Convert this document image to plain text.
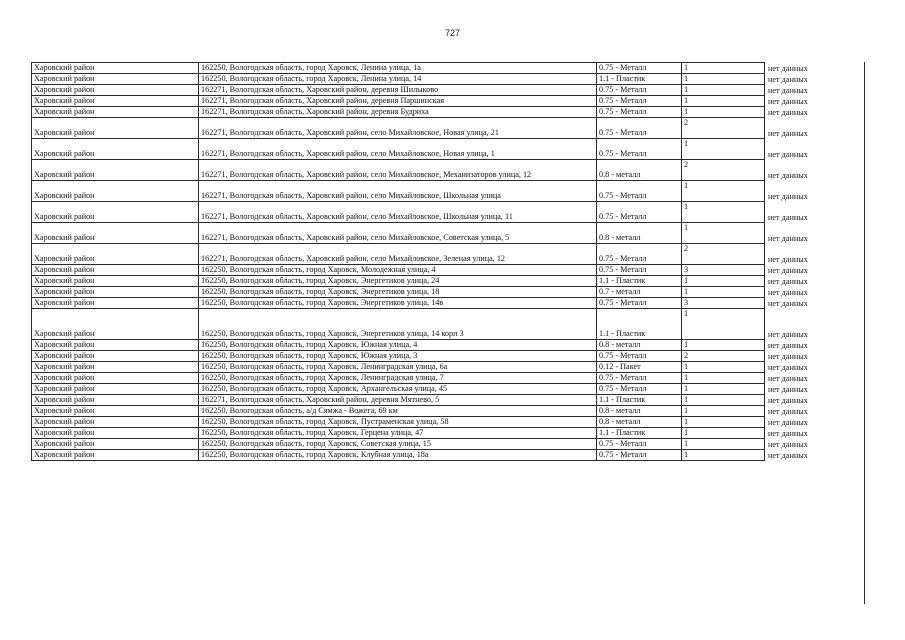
727
Харовский район	162250, Вологодская область, город Харовск, Ленина улица, 1а	0.75 - Металл	1	нет данных
Харовский район	162250, Вологодская область, город Харовск, Ленина улица, 14	1.1 - Пластик	1	нет данных
Харовский район	162271, Вологодская область, Харовский район, деревня Шилыково	0.75 - Металл	1	нет данных
Харовский район	162271, Вологодская область, Харовский район, деревня Паршинская	0.75 - Металл	1	нет данных
Харовский район	162271, Вологодская область, Харовский район, деревня Будриха	0.75 - Металл	1	нет данных
Харовский район	162271, Вологодская область, Харовский район, село Михайловское, Новая улица, 21	0.75 - Металл	2	нет данных
Харовский район	162271, Вологодская область, Харовский район, село Михайловское, Новая улица, 1	0.75 - Металл	1	нет данных
Харовский район	162271, Вологодская область, Харовский район, село Михайловское, Механизаторов улица, 12	0.8 - металл	2	нет данных
Харовский район	162271, Вологодская область, Харовский район, село Михайловское, Школьная улица	0.75 - Металл	1	нет данных
Харовский район	162271, Вологодская область, Харовский район, село Михайловское, Школьная улица, 11	0.75 - Металл	1	нет данных
Харовский район	162271, Вологодская область, Харовский район, село Михайловское, Советская улица, 5	0.8 - металл	1	нет данных
Харовский район	162271, Вологодская область, Харовский район, село Михайловское, Зеленая улица, 12	0.75 - Металл	2	нет данных
Харовский район	162250, Вологодская область, город Харовск, Молодежная улица, 4	0.75 - Металл	3	нет данных
Харовский район	162250, Вологодская область, город Харовск, Энергетиков улица, 24	1.1 - Пластик	1	нет данных
Харовский район	162250, Вологодская область, город Харовск, Энергетиков улица, 18	0.7 - металл	1	нет данных
Харовский район	162250, Вологодская область, город Харовск, Энергетиков улица, 14в	0.75 - Металл	3	нет данных
Харовский район	162250, Вологодская область, город Харовск, Энергетиков улица, 14 корп 3	1.1 - Пластик	1	нет данных
Харовский район	162250, Вологодская область, город Харовск, Южная улица, 4	0.8 - металл	1	нет данных
Харовский район	162250, Вологодская область, город Харовск, Южная улица, 3	0.75 - Металл	2	нет данных
Харовский район	162250, Вологодская область, город Харовск, Ленинградская улица, 6а	0.12 - Пакет	1	нет данных
Харовский район	162250, Вологодская область, город Харовск, Ленинградская улица, 7	0.75 - Металл	1	нет данных
Харовский район	162250, Вологодская область, город Харовск, Архангельская улица, 45	0.75 - Металл	1	нет данных
Харовский район	162271, Вологодская область, Харовский район, деревня Мятнево, 5	1.1 - Пластик	1	нет данных
Харовский район	162250, Вологодская область, а/д Сямжа - Вожега, 69 км	0.8 - металл	1	нет данных
Харовский район	162250, Вологодская область, город Харовск, Пустраменская улица, 58	0.8 - металл	1	нет данных
Харовский район	162250, Вологодская область, город Харовск, Герцена улица, 47	1.1 - Пластик	1	нет данных
Харовский район	162250, Вологодская область, город Харовск, Советская улица, 15	0.75 - Металл	1	нет данных
Харовский район	162250, Вологодская область, город Харовск, Клубная улица, 18а	0.75 - Металл	1	нет данных
